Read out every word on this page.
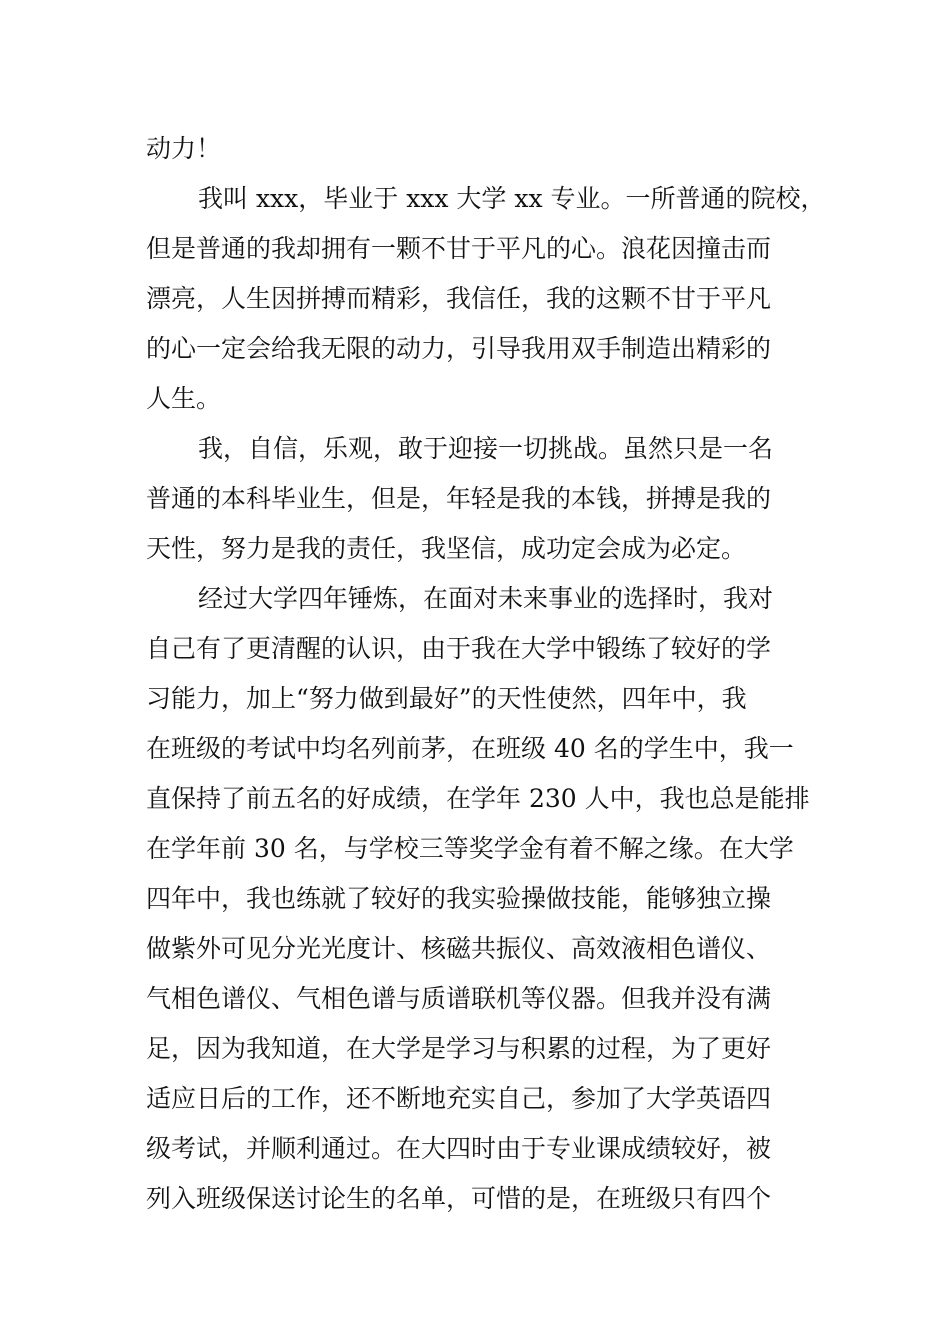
动力！
我叫 xxx，毕业于 xxx 大学 xx 专业。一所普通的院校，
但是普通的我却拥有一颗不甘于平凡的心。浪花因撞击而
漂亮，人生因拼搏而精彩，我信任，我的这颗不甘于平凡
的心一定会给我无限的动力，引导我用双手制造出精彩的
人生。
我，自信，乐观，敢于迎接一切挑战。虽然只是一名
普通的本科毕业生，但是，年轻是我的本钱，拼搏是我的
天性，努力是我的责任，我坚信，成功定会成为必定。
经过大学四年锤炼，在面对未来事业的选择时，我对
自己有了更清醒的认识，由于我在大学中锻练了较好的学
习能力，加上“努力做到最好”的天性使然，四年中，我
在班级的考试中均名列前茅，在班级 40 名的学生中，我一
直保持了前五名的好成绩，在学年 230 人中，我也总是能排
在学年前 30 名，与学校三等奖学金有着不解之缘。在大学
四年中，我也练就了较好的我实验操做技能，能够独立操
做紫外可见分光光度计、核磁共振仪、高效液相色谱仪、
气相色谱仪、气相色谱与质谱联机等仪器。但我并没有满
足，因为我知道，在大学是学习与积累的过程，为了更好
适应日后的工作，还不断地充实自己，参加了大学英语四
级考试，并顺利通过。在大四时由于专业课成绩较好，被
列入班级保送讨论生的名单，可惜的是，在班级只有四个
